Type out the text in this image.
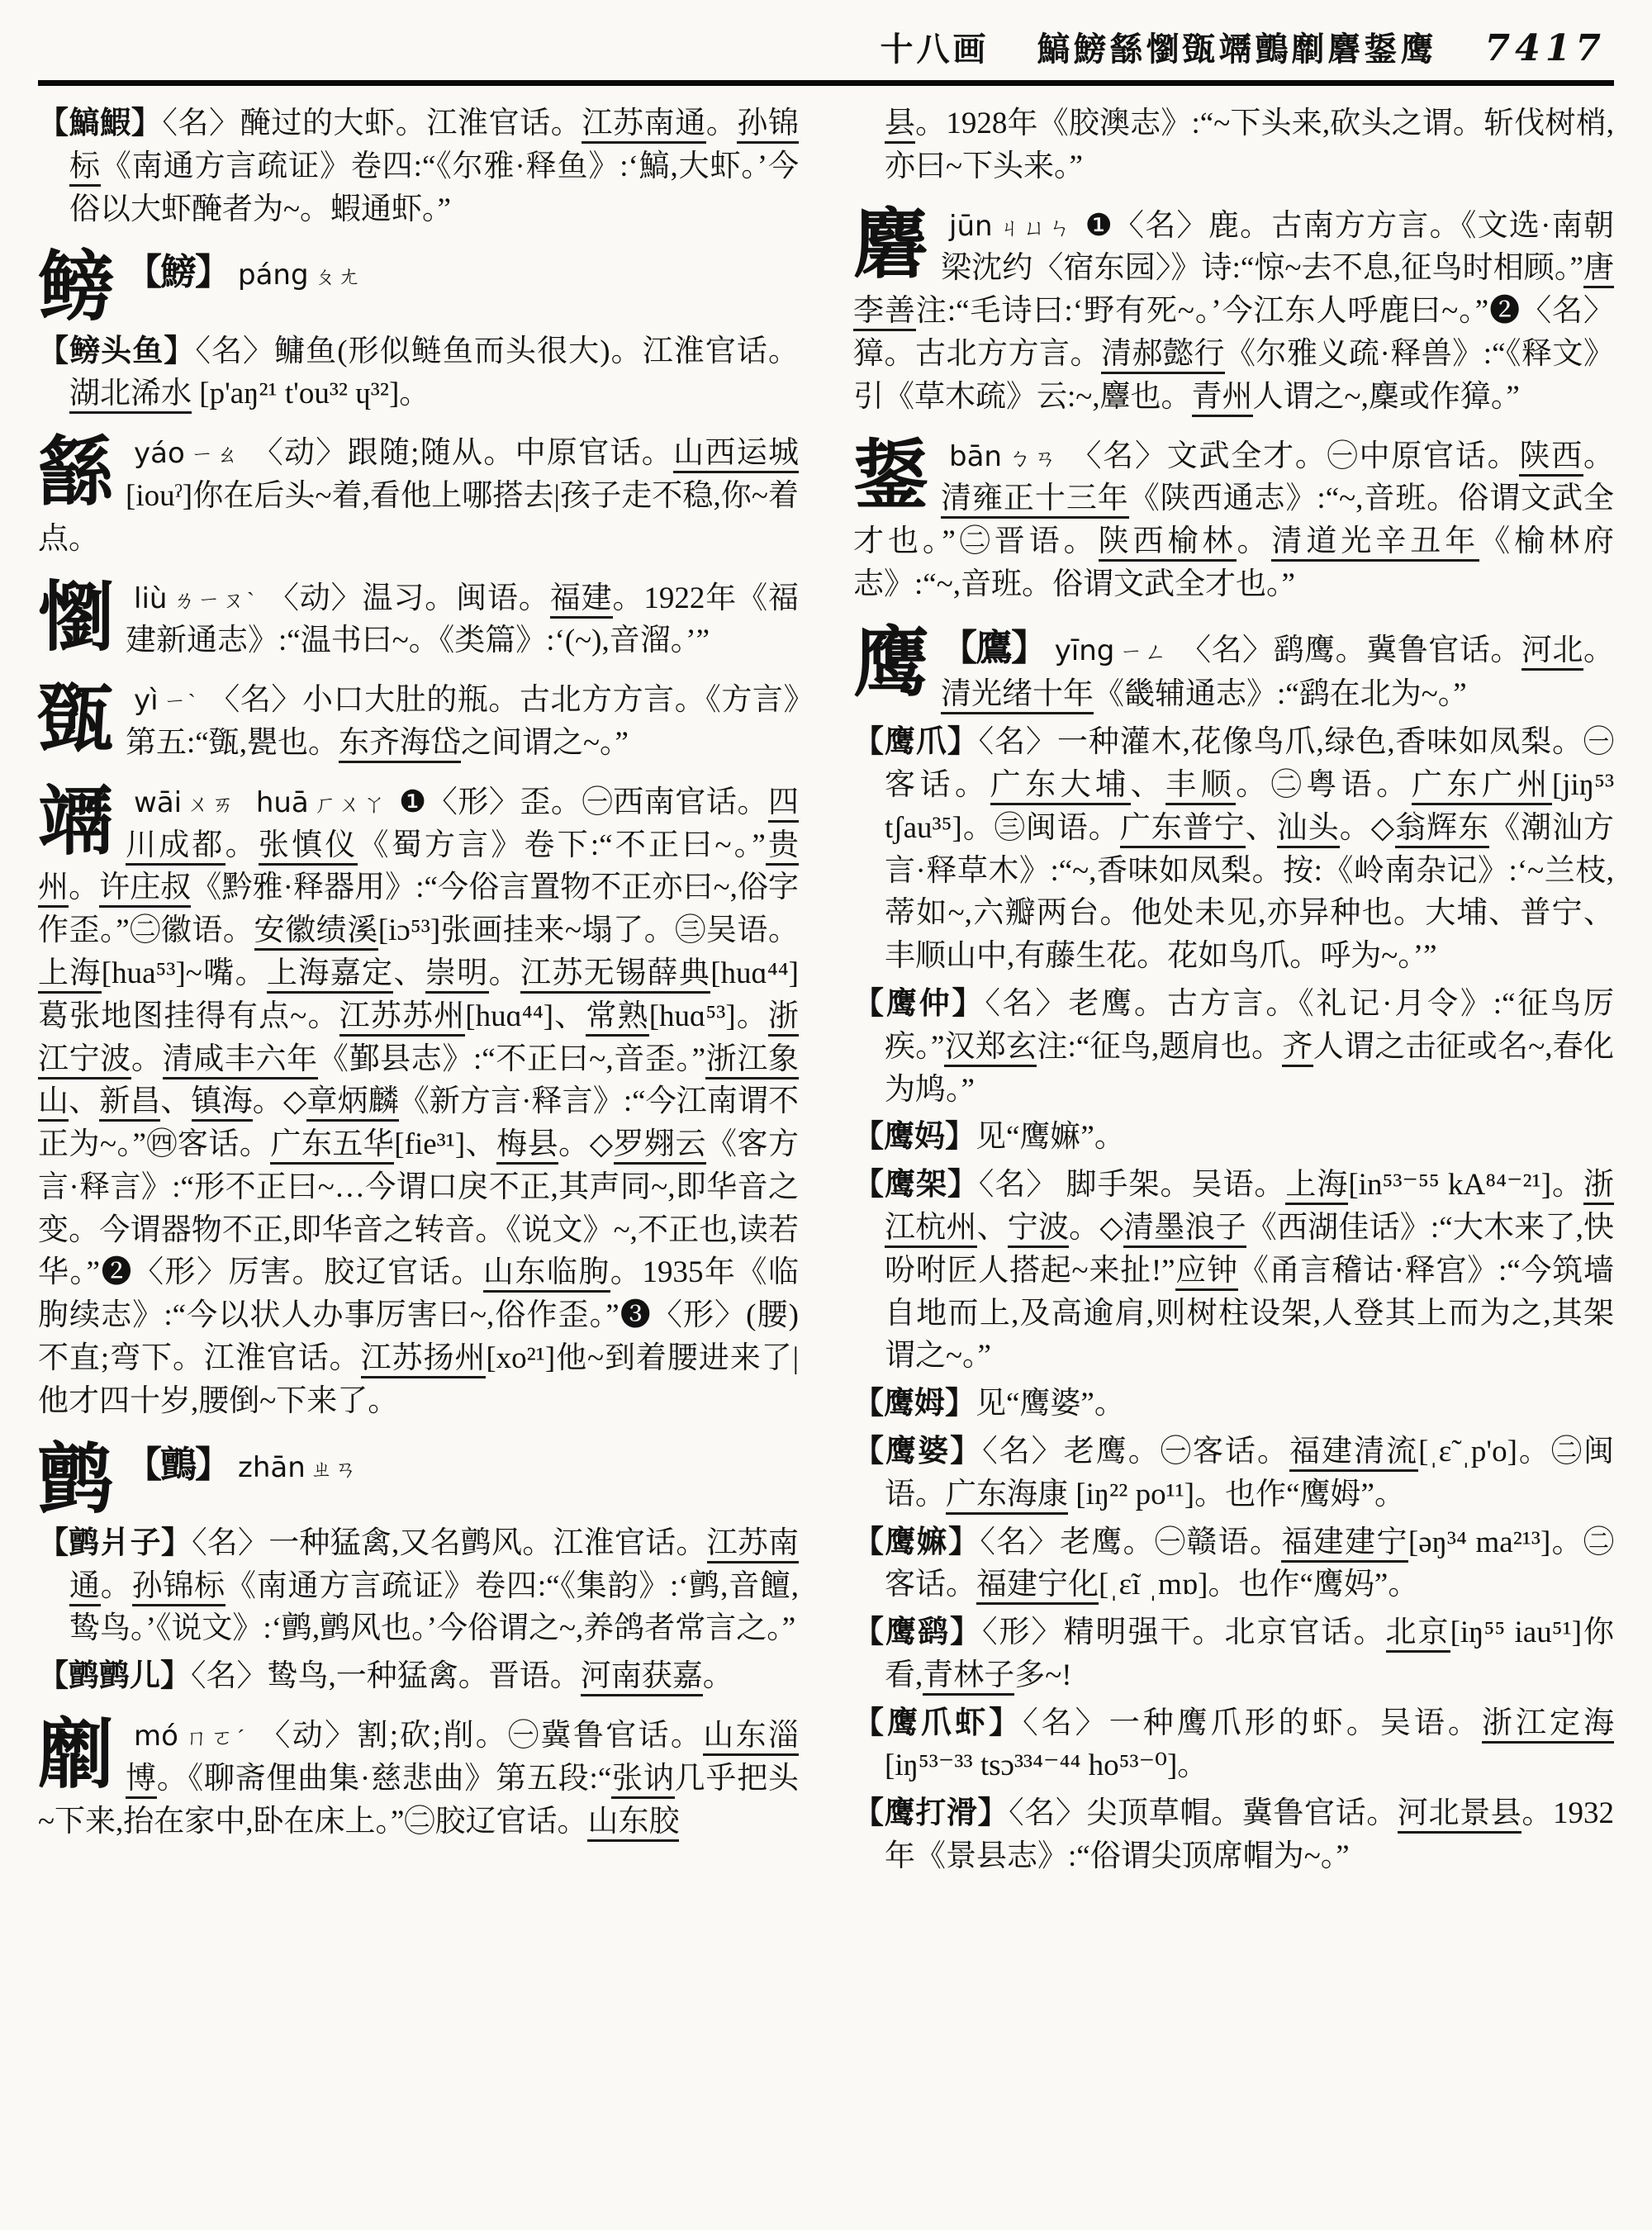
十八画 鰝鰟䌛懰㽅竵鸇劘麏鋬鹰 7417
【鰝鰕】〈名〉醃过的大虾。江淮官话。江苏南通。孙锦标《南通方言疏证》卷四:“《尔雅·释鱼》:‘鰝,大虾。’今俗以大虾醃者为~。蝦通虾。”
鳑 【鰟】 páng ㄆㄤ
【鳑头鱼】〈名〉鳙鱼(形似鲢鱼而头很大)。江淮官话。湖北浠水 [p'aŋ²¹ t'ou³² ɥ³²]。
䌛yáo ㄧㄠ 〈动〉跟随;随从。中原官话。山西运城[iouˀ]你在后头~着,看他上哪搭去|孩子走不稳,你~着点。
懰liù ㄌㄧㄡˋ 〈动〉温习。闽语。福建。1922年《福建新通志》:“温书曰~。《类篇》:‘(~),音溜。’”
㽅yì ㄧˋ 〈名〉小口大肚的瓶。古北方方言。《方言》第五:“㽅,甖也。东齐海岱之间谓之~。”
竵wāi ㄨㄞ huā ㄏㄨㄚ ❶〈形〉歪。㊀西南官话。四川成都。张慎仪《蜀方言》卷下:“不正曰~。”贵州。许庄叔《黔雅·释器用》:“今俗言置物不正亦曰~,俗字作歪。”㊁徽语。安徽绩溪[iɔ⁵³]张画挂来~塌了。㊂吴语。上海[hua⁵³]~嘴。上海嘉定、崇明。江苏无锡薛典[huɑ⁴⁴] 葛张地图挂得有点~。江苏苏州[huɑ⁴⁴]、常熟[huɑ⁵³]。浙江宁波。清咸丰六年《鄞县志》:“不正曰~,音歪。”浙江象山、新昌、镇海。◇章炳麟《新方言·释言》:“今江南谓不正为~。”㊃客话。广东五华[fie³¹]、梅县。◇罗翙云《客方言·释言》:“形不正曰~…今谓口戾不正,其声同~,即华音之变。今谓器物不正,即华音之转音。《说文》~,不正也,读若华。”❷〈形〉厉害。胶辽官话。山东临朐。1935年《临朐续志》:“今以状人办事厉害曰~,俗作歪。”❸〈形〉(腰)不直;弯下。江淮官话。江苏扬州[xo²¹]他~到着腰进来了|他才四十岁,腰倒~下来了。
鹯 【鸇】 zhān ㄓㄢ
【鹯爿子】〈名〉一种猛禽,又名鹯风。江淮官话。江苏南通。孙锦标《南通方言疏证》卷四:“《集韵》:‘鹯,音饘,鸷鸟。’《说文》:‘鹯,鹯风也。’今俗谓之~,养鸽者常言之。”
【鹯鹯儿】〈名〉鸷鸟,一种猛禽。晋语。河南获嘉。
劘mó ㄇㄛˊ 〈动〉割;砍;削。㊀冀鲁官话。山东淄博。《聊斋俚曲集·慈悲曲》第五段:“张讷几乎把头~下来,抬在家中,卧在床上。”㊁胶辽官话。山东胶
县。1928年《胶澳志》:“~下头来,砍头之谓。斩伐树梢,亦曰~下头来。”
麏jūn ㄐㄩㄣ ❶〈名〉鹿。古南方方言。《文选·南朝梁沈约〈宿东园〉》诗:“惊~去不息,征鸟时相顾。”唐李善注:“毛诗曰:‘野有死~。’今江东人呼鹿曰~。”❷〈名〉獐。古北方方言。清郝懿行《尔雅义疏·释兽》:“《释文》引《草木疏》云:~,麞也。青州人谓之~,麇或作獐。”
鋬bān ㄅㄢ 〈名〉文武全才。㊀中原官话。陕西。清雍正十三年《陕西通志》:“~,音班。俗谓文武全才也。”㊁晋语。陕西榆林。清道光辛丑年《榆林府志》:“~,音班。俗谓文武全才也。”
鹰 【鷹】 yīng ㄧㄥ 〈名〉鹞鹰。冀鲁官话。河北。清光绪十年《畿辅通志》:“鹞在北为~。”
【鹰爪】〈名〉一种灌木,花像鸟爪,绿色,香味如凤梨。㊀客话。广东大埔、丰顺。㊁粤语。广东广州[jiŋ⁵³ tʃau³⁵]。㊂闽语。广东普宁、汕头。◇翁辉东《潮汕方言·释草木》:“~,香味如凤梨。按:《岭南杂记》:‘~兰枝,蒂如~,六瓣两台。他处未见,亦异种也。大埔、普宁、丰顺山中,有藤生花。花如鸟爪。呼为~。’”
【鹰仲】〈名〉老鹰。古方言。《礼记·月令》:“征鸟厉疾。”汉郑玄注:“征鸟,题肩也。齐人谓之击征或名~,春化为鸠。”
【鹰妈】见“鹰嫲”。
【鹰架】〈名〉 脚手架。吴语。上海[in⁵³⁻⁵⁵ kA⁸⁴⁻²¹]。浙江杭州、宁波。◇清墨浪子《西湖佳话》:“大木来了,快吩咐匠人搭起~来扯!”应钟《甬言稽诂·释宫》:“今筑墙自地而上,及高逾肩,则树柱设架,人登其上而为之,其架谓之~。”
【鹰姆】见“鹰婆”。
【鹰婆】〈名〉老鹰。㊀客话。福建清流[ˌɛ̃ ˌp'o]。㊁闽语。广东海康 [iŋ²² po¹¹]。也作“鹰姆”。
【鹰嫲】〈名〉老鹰。㊀赣语。福建建宁[əŋ³⁴ ma²¹³]。㊁客话。福建宁化[ˌɛĩ ˌmɒ]。也作“鹰妈”。
【鹰鹞】〈形〉精明强干。北京官话。北京[iŋ⁵⁵ iau⁵¹]你看,青林子多~!
【鹰爪虾】〈名〉一种鹰爪形的虾。吴语。浙江定海 [iŋ⁵³⁻³³ tsɔ³³⁴⁻⁴⁴ ho⁵³⁻⁰]。
【鹰打滑】〈名〉尖顶草帽。冀鲁官话。河北景县。1932年《景县志》:“俗谓尖顶席帽为~。”
